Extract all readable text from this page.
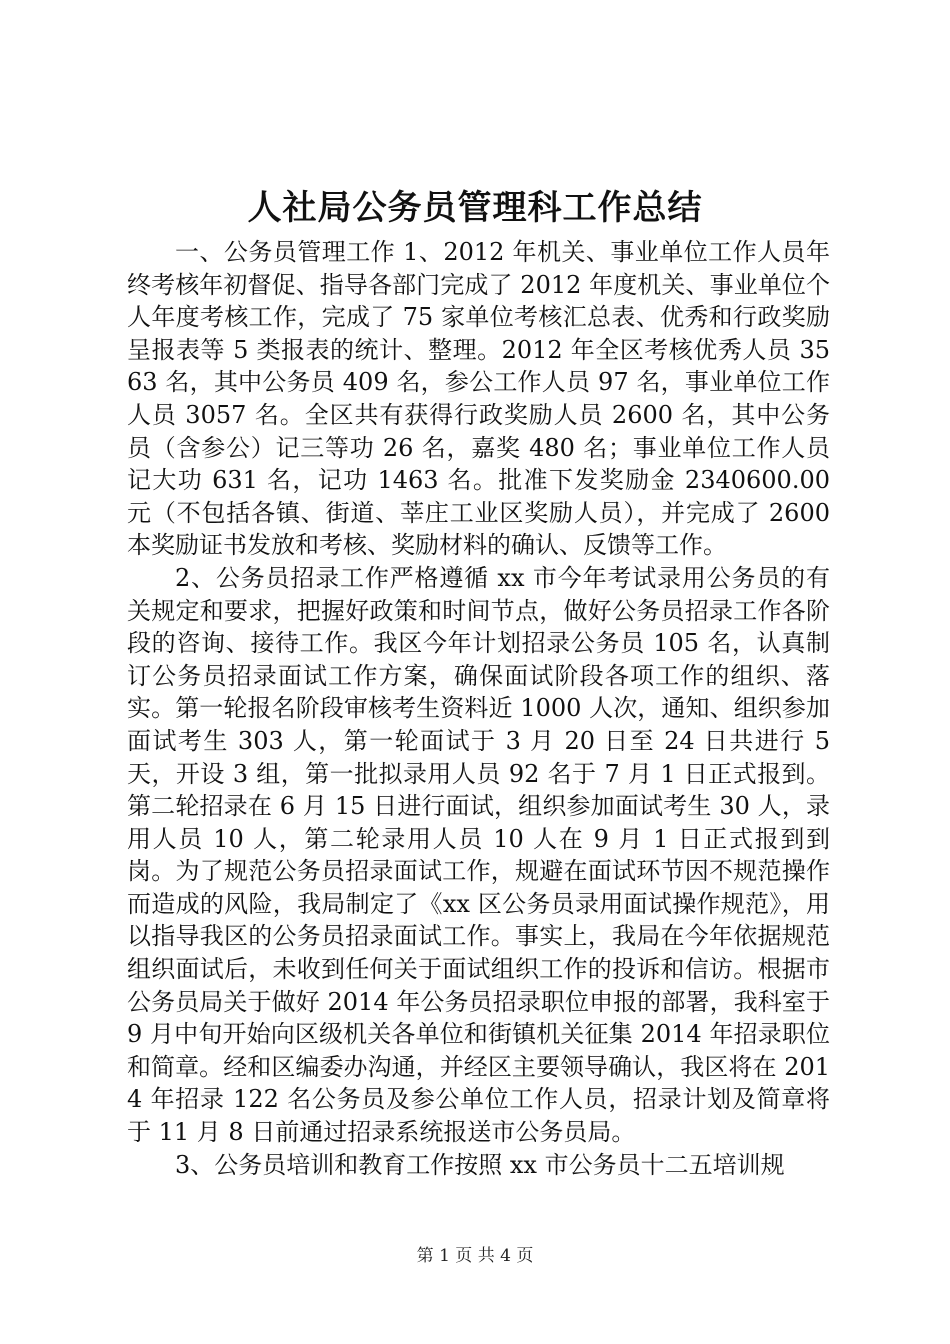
人社局公务员管理科工作总结

一、公务员管理工作 1、2012 年机关、事业单位工作人员年终考核年初督促、指导各部门完成了 2012 年度机关、事业单位个人年度考核工作，完成了 75 家单位考核汇总表、优秀和行政奖励呈报表等 5 类报表的统计、整理。2012 年全区考核优秀人员 3563 名，其中公务员 409 名，参公工作人员 97 名，事业单位工作人员 3057 名。全区共有获得行政奖励人员 2600 名，其中公务员（含参公）记三等功 26 名，嘉奖 480 名；事业单位工作人员记大功 631 名，记功 1463 名。批准下发奖励金 2340600.00 元（不包括各镇、街道、莘庄工业区奖励人员），并完成了 2600 本奖励证书发放和考核、奖励材料的确认、反馈等工作。

2、公务员招录工作严格遵循 xx 市今年考试录用公务员的有关规定和要求，把握好政策和时间节点，做好公务员招录工作各阶段的咨询、接待工作。我区今年计划招录公务员 105 名，认真制订公务员招录面试工作方案，确保面试阶段各项工作的组织、落实。第一轮报名阶段审核考生资料近 1000 人次，通知、组织参加面试考生 303 人，第一轮面试于 3 月 20 日至 24 日共进行 5 天，开设 3 组，第一批拟录用人员 92 名于 7 月 1 日正式报到。第二轮招录在 6 月 15 日进行面试，组织参加面试考生 30 人，录用人员 10 人，第二轮录用人员 10 人在 9 月 1 日正式报到到岗。为了规范公务员招录面试工作，规避在面试环节因不规范操作而造成的风险，我局制定了《xx 区公务员录用面试操作规范》，用以指导我区的公务员招录面试工作。事实上，我局在今年依据规范组织面试后，未收到任何关于面试组织工作的投诉和信访。根据市公务员局关于做好 2014 年公务员招录职位申报的部署，我科室于 9 月中旬开始向区级机关各单位和街镇机关征集 2014 年招录职位和简章。经和区编委办沟通，并经区主要领导确认，我区将在 2014 年招录 122 名公务员及参公单位工作人员，招录计划及简章将于 11 月 8 日前通过招录系统报送市公务员局。

3、公务员培训和教育工作按照 xx 市公务员十二五培训规

第 1 页 共 4 页
